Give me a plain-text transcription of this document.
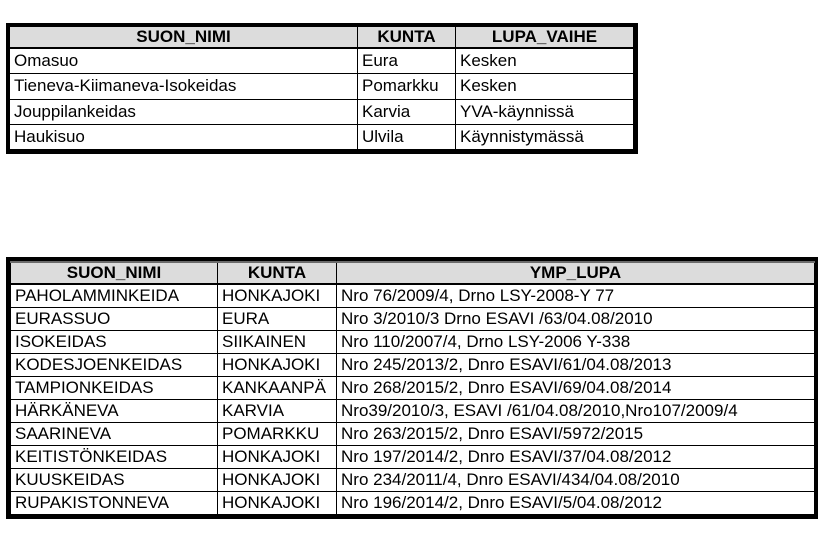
SUON_NIMI	KUNTA	LUPA_VAIHE
Omasuo	Eura	Kesken
Tieneva-Kiimaneva-Isokeidas	Pomarkku	Kesken
Jouppilankeidas	Karvia	YVA-käynnissä
Haukisuo	Ulvila	Käynnistymässä
SUON_NIMI	KUNTA	YMP_LUPA
PAHOLAMMINKEIDA	HONKAJOKI	Nro 76/2009/4, Drno LSY-2008-Y 77
EURASSUO	EURA	Nro 3/2010/3 Drno ESAVI /63/04.08/2010
ISOKEIDAS	SIIKAINEN	Nro 110/2007/4, Drno LSY-2006 Y-338
KODESJOENKEIDAS	HONKAJOKI	Nro 245/2013/2, Dnro ESAVI/61/04.08/2013
TAMPIONKEIDAS	KANKAANPÄ	Nro 268/2015/2, Dnro ESAVI/69/04.08/2014
HÄRKÄNEVA	KARVIA	Nro39/2010/3, ESAVI /61/04.08/2010,Nro107/2009/4
SAARINEVA	POMARKKU	Nro 263/2015/2, Dnro ESAVI/5972/2015
KEITISTÖNKEIDAS	HONKAJOKI	Nro 197/2014/2, Dnro ESAVI/37/04.08/2012
KUUSKEIDAS	HONKAJOKI	Nro 234/2011/4, Dnro ESAVI/434/04.08/2010
RUPAKISTONNEVA	HONKAJOKI	Nro 196/2014/2, Dnro ESAVI/5/04.08/2012
